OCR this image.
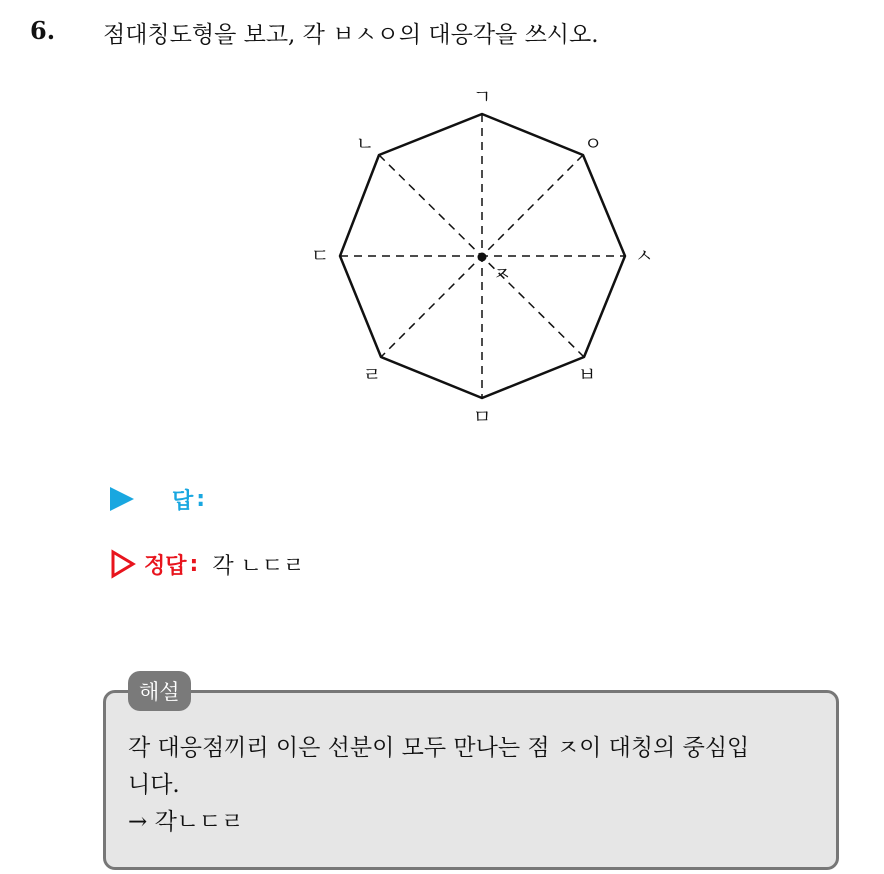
6. 점대칭도형을 보고, 각 ㅂㅅㅇ의 대응각을 쓰시오.
ㄱ
ㅇ
ㅅ
ㅂ
ㅁ
ㄹ
ㄷ
ㄴ
ㅈ
답 :
정답 : 각 ㄴㄷㄹ
해설
각 대응점끼리 이은 선분이 모두 만나는 점 ㅈ이 대칭의 중심입
니다.
→ 각ㄴㄷㄹ
